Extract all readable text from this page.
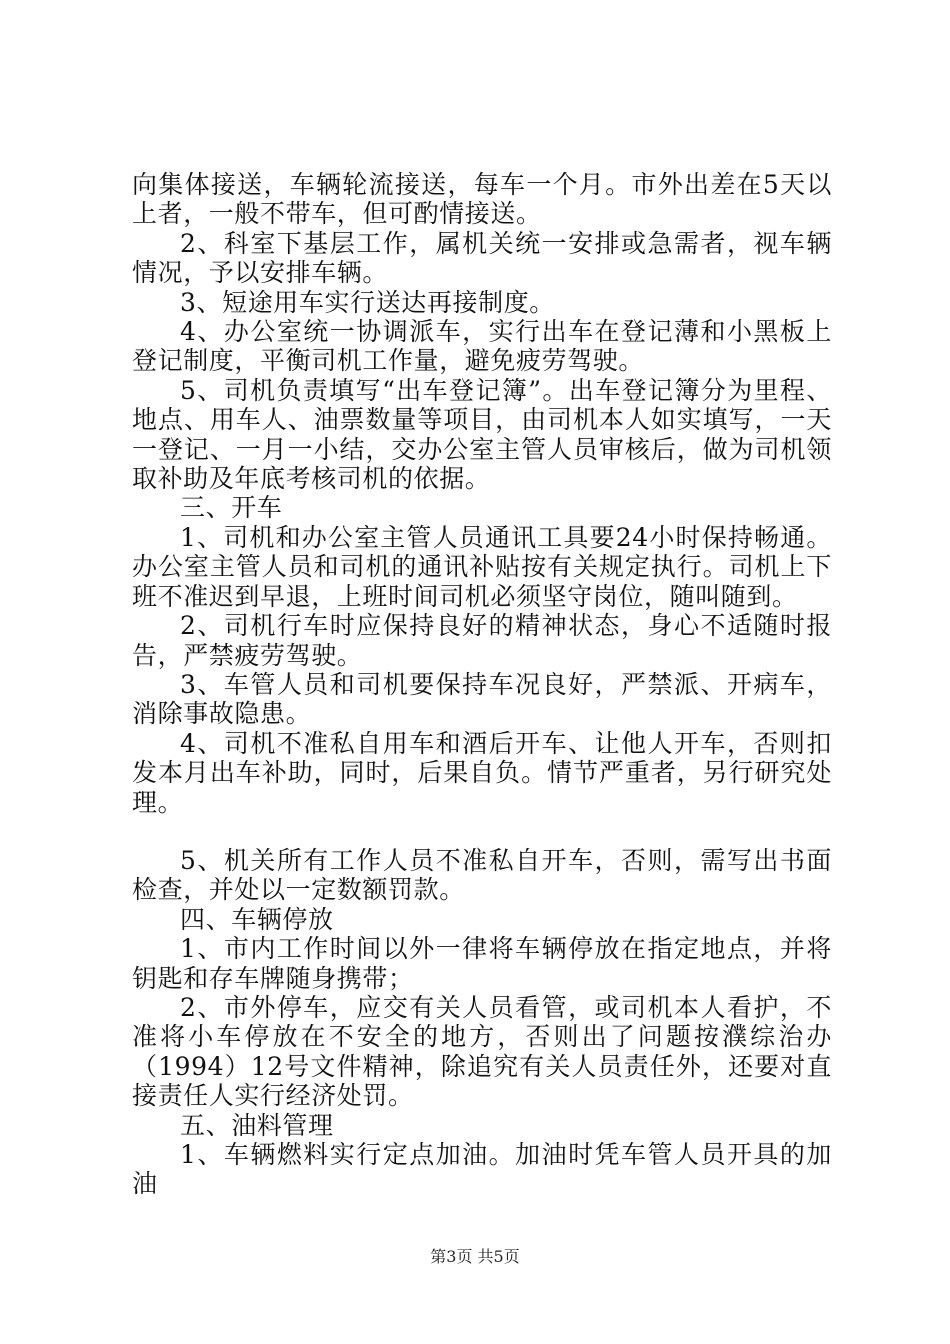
向集体接送，车辆轮流接送，每车一个月。市外出差在5天以上者，一般不带车，但可酌情接送。

2、科室下基层工作，属机关统一安排或急需者，视车辆情况，予以安排车辆。

3、短途用车实行送达再接制度。

4、办公室统一协调派车，实行出车在登记薄和小黑板上登记制度，平衡司机工作量，避免疲劳驾驶。

5、司机负责填写“出车登记簿”。出车登记簿分为里程、地点、用车人、油票数量等项目，由司机本人如实填写，一天一登记、一月一小结，交办公室主管人员审核后，做为司机领取补助及年底考核司机的依据。

三、开车

1、司机和办公室主管人员通讯工具要24小时保持畅通。办公室主管人员和司机的通讯补贴按有关规定执行。司机上下班不准迟到早退，上班时间司机必须坚守岗位，随叫随到。

2、司机行车时应保持良好的精神状态，身心不适随时报告，严禁疲劳驾驶。

3、车管人员和司机要保持车况良好，严禁派、开病车，消除事故隐患。

4、司机不准私自用车和酒后开车、让他人开车，否则扣发本月出车补助，同时，后果自负。情节严重者，另行研究处理。

5、机关所有工作人员不准私自开车，否则，需写出书面检查，并处以一定数额罚款。

四、车辆停放

1、市内工作时间以外一律将车辆停放在指定地点，并将钥匙和存车牌随身携带；

2、市外停车，应交有关人员看管，或司机本人看护，不准将小车停放在不安全的地方，否则出了问题按濮综治办（1994）12号文件精神，除追究有关人员责任外，还要对直接责任人实行经济处罚。

五、油料管理

1、车辆燃料实行定点加油。加油时凭车管人员开具的加油

第3页 共5页
